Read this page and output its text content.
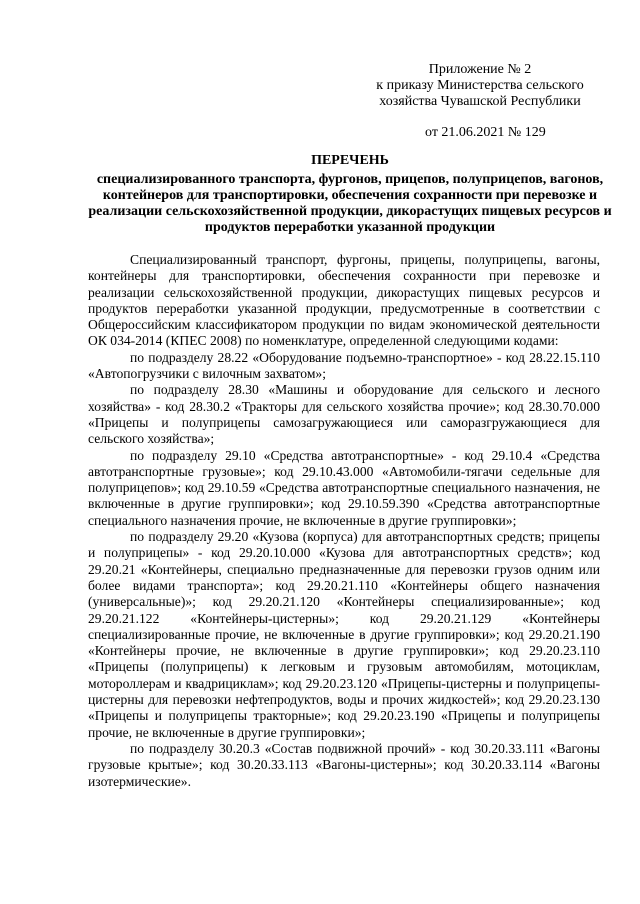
Приложение № 2
к приказу Министерства сельского
хозяйства Чувашской Республики
от 21.06.2021 № 129
ПЕРЕЧЕНЬ
специализированного транспорта, фургонов, прицепов, полуприцепов, вагонов, контейнеров для транспортировки, обеспечения сохранности при перевозке и реализации сельскохозяйственной продукции, дикорастущих пищевых ресурсов и продуктов переработки указанной продукции

Специализированный транспорт, фургоны, прицепы, полуприцепы, вагоны, контейнеры для транспортировки, обеспечения сохранности при перевозке и реализации сельскохозяйственной продукции, дикорастущих пищевых ресурсов и продуктов переработки указанной продукции, предусмотренные в соответствии с Общероссийским классификатором продукции по видам экономической деятельности ОК 034-2014 (КПЕС 2008) по номенклатуре, определенной следующими кодами:

по подразделу 28.22 «Оборудование подъемно-транспортное» - код 28.22.15.110 «Автопогрузчики с вилочным захватом»;

по подразделу 28.30 «Машины и оборудование для сельского и лесного хозяйства» - код 28.30.2 «Тракторы для сельского хозяйства прочие»; код 28.30.70.000 «Прицепы и полуприцепы самозагружающиеся или саморазгружающиеся для сельского хозяйства»;

по подразделу 29.10 «Средства автотранспортные» - код 29.10.4 «Средства автотранспортные грузовые»; код 29.10.43.000 «Автомобили-тягачи седельные для полуприцепов»; код 29.10.59 «Средства автотранспортные специального назначения, не включенные в другие группировки»; код 29.10.59.390 «Средства автотранспортные специального назначения прочие, не включенные в другие группировки»;

по подразделу 29.20 «Кузова (корпуса) для автотранспортных средств; прицепы и полуприцепы» - код 29.20.10.000 «Кузова для автотранспортных средств»; код 29.20.21 «Контейнеры, специально предназначенные для перевозки грузов одним или более видами транспорта»; код 29.20.21.110 «Контейнеры общего назначения (универсальные)»; код 29.20.21.120 «Контейнеры специализированные»; код 29.20.21.122 «Контейнеры-цистерны»; код 29.20.21.129 «Контейнеры специализированные прочие, не включенные в другие группировки»; код 29.20.21.190 «Контейнеры прочие, не включенные в другие группировки»; код 29.20.23.110 «Прицепы (полуприцепы) к легковым и грузовым автомобилям, мотоциклам, мотороллерам и квадрициклам»; код 29.20.23.120 «Прицепы-цистерны и полуприцепы-цистерны для перевозки нефтепродуктов, воды и прочих жидкостей»; код 29.20.23.130 «Прицепы и полуприцепы тракторные»; код 29.20.23.190 «Прицепы и полуприцепы прочие, не включенные в другие группировки»;

по подразделу 30.20.3 «Состав подвижной прочий» - код 30.20.33.111 «Вагоны грузовые крытые»; код 30.20.33.113 «Вагоны-цистерны»; код 30.20.33.114 «Вагоны изотермические».
